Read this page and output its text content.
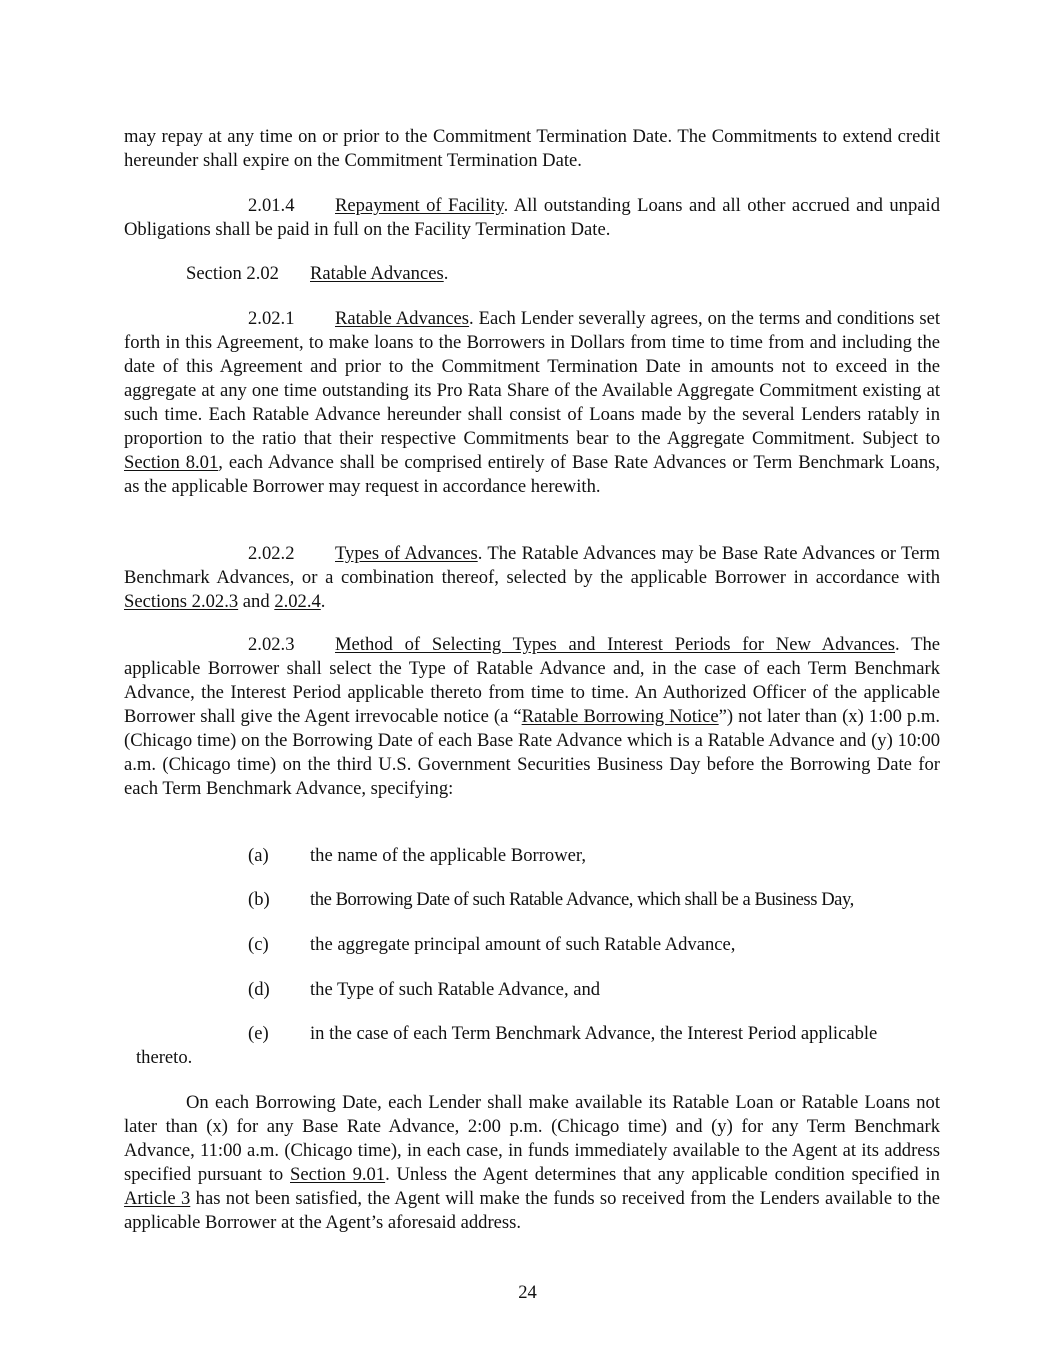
may repay at any time on or prior to the Commitment Termination Date. The Commitments to extend credit hereunder shall expire on the Commitment Termination Date.

2.01.4 Repayment of Facility. All outstanding Loans and all other accrued and unpaid Obligations shall be paid in full on the Facility Termination Date.

Section 2.02 Ratable Advances.

2.02.1 Ratable Advances. Each Lender severally agrees, on the terms and conditions set forth in this Agreement, to make loans to the Borrowers in Dollars from time to time from and including the date of this Agreement and prior to the Commitment Termination Date in amounts not to exceed in the aggregate at any one time outstanding its Pro Rata Share of the Available Aggregate Commitment existing at such time. Each Ratable Advance hereunder shall consist of Loans made by the several Lenders ratably in proportion to the ratio that their respective Commitments bear to the Aggregate Commitment. Subject to Section 8.01, each Advance shall be comprised entirely of Base Rate Advances or Term Benchmark Loans, as the applicable Borrower may request in accordance herewith.

2.02.2 Types of Advances. The Ratable Advances may be Base Rate Advances or Term Benchmark Advances, or a combination thereof, selected by the applicable Borrower in accordance with Sections 2.02.3 and 2.02.4.

2.02.3 Method of Selecting Types and Interest Periods for New Advances. The applicable Borrower shall select the Type of Ratable Advance and, in the case of each Term Benchmark Advance, the Interest Period applicable thereto from time to time. An Authorized Officer of the applicable Borrower shall give the Agent irrevocable notice (a “Ratable Borrowing Notice”) not later than (x) 1:00 p.m. (Chicago time) on the Borrowing Date of each Base Rate Advance which is a Ratable Advance and (y) 10:00 a.m. (Chicago time) on the third U.S. Government Securities Business Day before the Borrowing Date for each Term Benchmark Advance, specifying:

(a) the name of the applicable Borrower,
(b) the Borrowing Date of such Ratable Advance, which shall be a Business Day,
(c) the aggregate principal amount of such Ratable Advance,
(d) the Type of such Ratable Advance, and
(e) in the case of each Term Benchmark Advance, the Interest Period applicable
thereto.

On each Borrowing Date, each Lender shall make available its Ratable Loan or Ratable Loans not later than (x) for any Base Rate Advance, 2:00 p.m. (Chicago time) and (y) for any Term Benchmark Advance, 11:00 a.m. (Chicago time), in each case, in funds immediately available to the Agent at its address specified pursuant to Section 9.01. Unless the Agent determines that any applicable condition specified in Article 3 has not been satisfied, the Agent will make the funds so received from the Lenders available to the applicable Borrower at the Agent’s aforesaid address.

24
